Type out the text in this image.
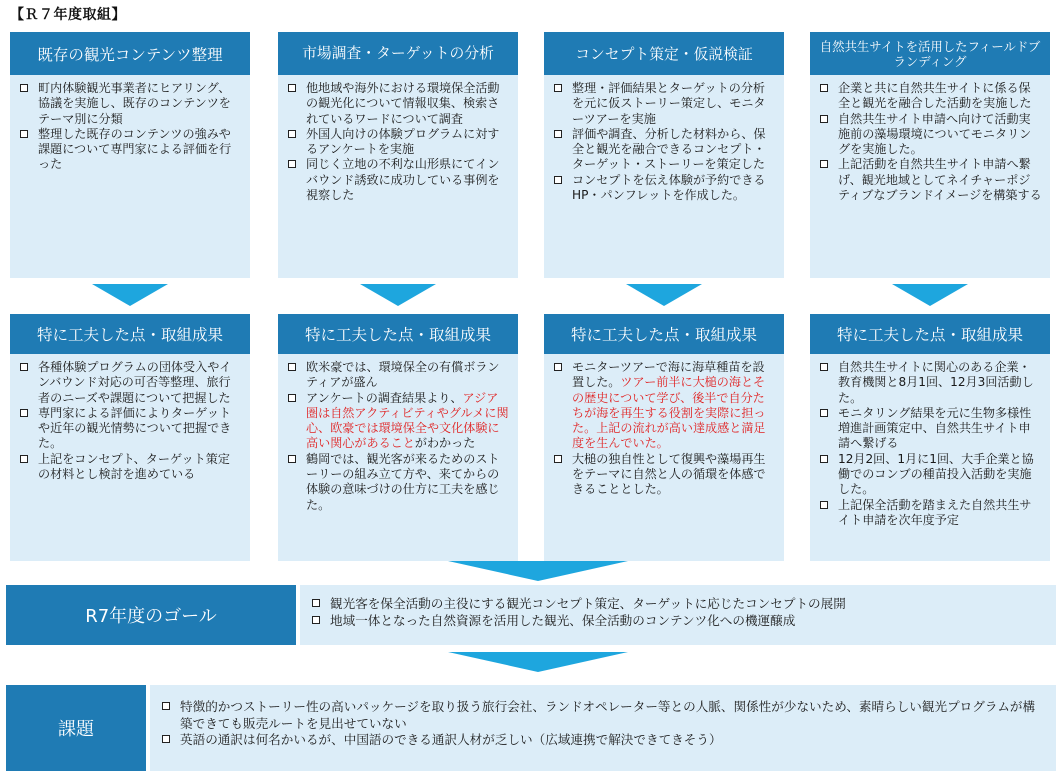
【Ｒ７年度取組】
既存の観光コンテンツ整理
町内体験観光事業者にヒアリング、協議を実施し、既存のコンテンツをテーマ別に分類
整理した既存のコンテンツの強みや課題について専門家による評価を行った
市場調査・ターゲットの分析
他地域や海外における環境保全活動の観光化について情報収集、検索されているワードについて調査
外国人向けの体験プログラムに対するアンケートを実施
同じく立地の不利な山形県にてインバウンド誘致に成功している事例を視察した
コンセプト策定・仮説検証
整理・評価結果とターゲットの分析を元に仮ストーリー策定し、モニターツアーを実施
評価や調査、分析した材料から、保全と観光を融合できるコンセプト・ターゲット・ストーリーを策定した
コンセプトを伝え体験が予約できるHP・パンフレットを作成した。
自然共生サイトを活用したフィールドブランディング
企業と共に自然共生サイトに係る保全と観光を融合した活動を実施した
自然共生サイト申請へ向けて活動実施前の藻場環境についてモニタリングを実施した。
上記活動を自然共生サイト申請へ繋げ、観光地域としてネイチャーポジティブなブランドイメージを構築する
特に工夫した点・取組成果
各種体験プログラムの団体受入やインバウンド対応の可否等整理、旅行者のニーズや課題について把握した
専門家による評価によりターゲットや近年の観光情勢について把握できた。
上記をコンセプト、ターゲット策定の材料とし検討を進めている
特に工夫した点・取組成果
欧米豪では、環境保全の有償ボランティアが盛ん
アンケートの調査結果より、アジア圏は自然アクティビティやグルメに関心、欧豪では環境保全や文化体験に高い関心があることがわかった
鶴岡では、観光客が来るためのストーリーの組み立て方や、来てからの体験の意味づけの仕方に工夫を感じた。
特に工夫した点・取組成果
モニターツアーで海に海草種苗を設置した。ツアー前半に大槌の海とその歴史について学び、後半で自分たちが海を再生する役割を実際に担った。上記の流れが高い達成感と満足度を生んでいた。
大槌の独自性として復興や藻場再生をテーマに自然と人の循環を体感できることとした。
特に工夫した点・取組成果
自然共生サイトに関心のある企業・教育機関と8月1回、12月3回活動した。
モニタリング結果を元に生物多様性増進計画策定中、自然共生サイト申請へ繋げる
12月2回、1月に1回、大手企業と協働でのコンブの種苗投入活動を実施した。
上記保全活動を踏まえた自然共生サイト申請を次年度予定
R7年度のゴール
観光客を保全活動の主役にする観光コンセプト策定、ターゲットに応じたコンセプトの展開
地域一体となった自然資源を活用した観光、保全活動のコンテンツ化への機運醸成
課題
特徴的かつストーリー性の高いパッケージを取り扱う旅行会社、ランドオペレーター等との人脈、関係性が少ないため、素晴らしい観光プログラムが構築できても販売ルートを見出せていない
英語の通訳は何名かいるが、中国語のできる通訳人材が乏しい（広域連携で解決できてきそう）
